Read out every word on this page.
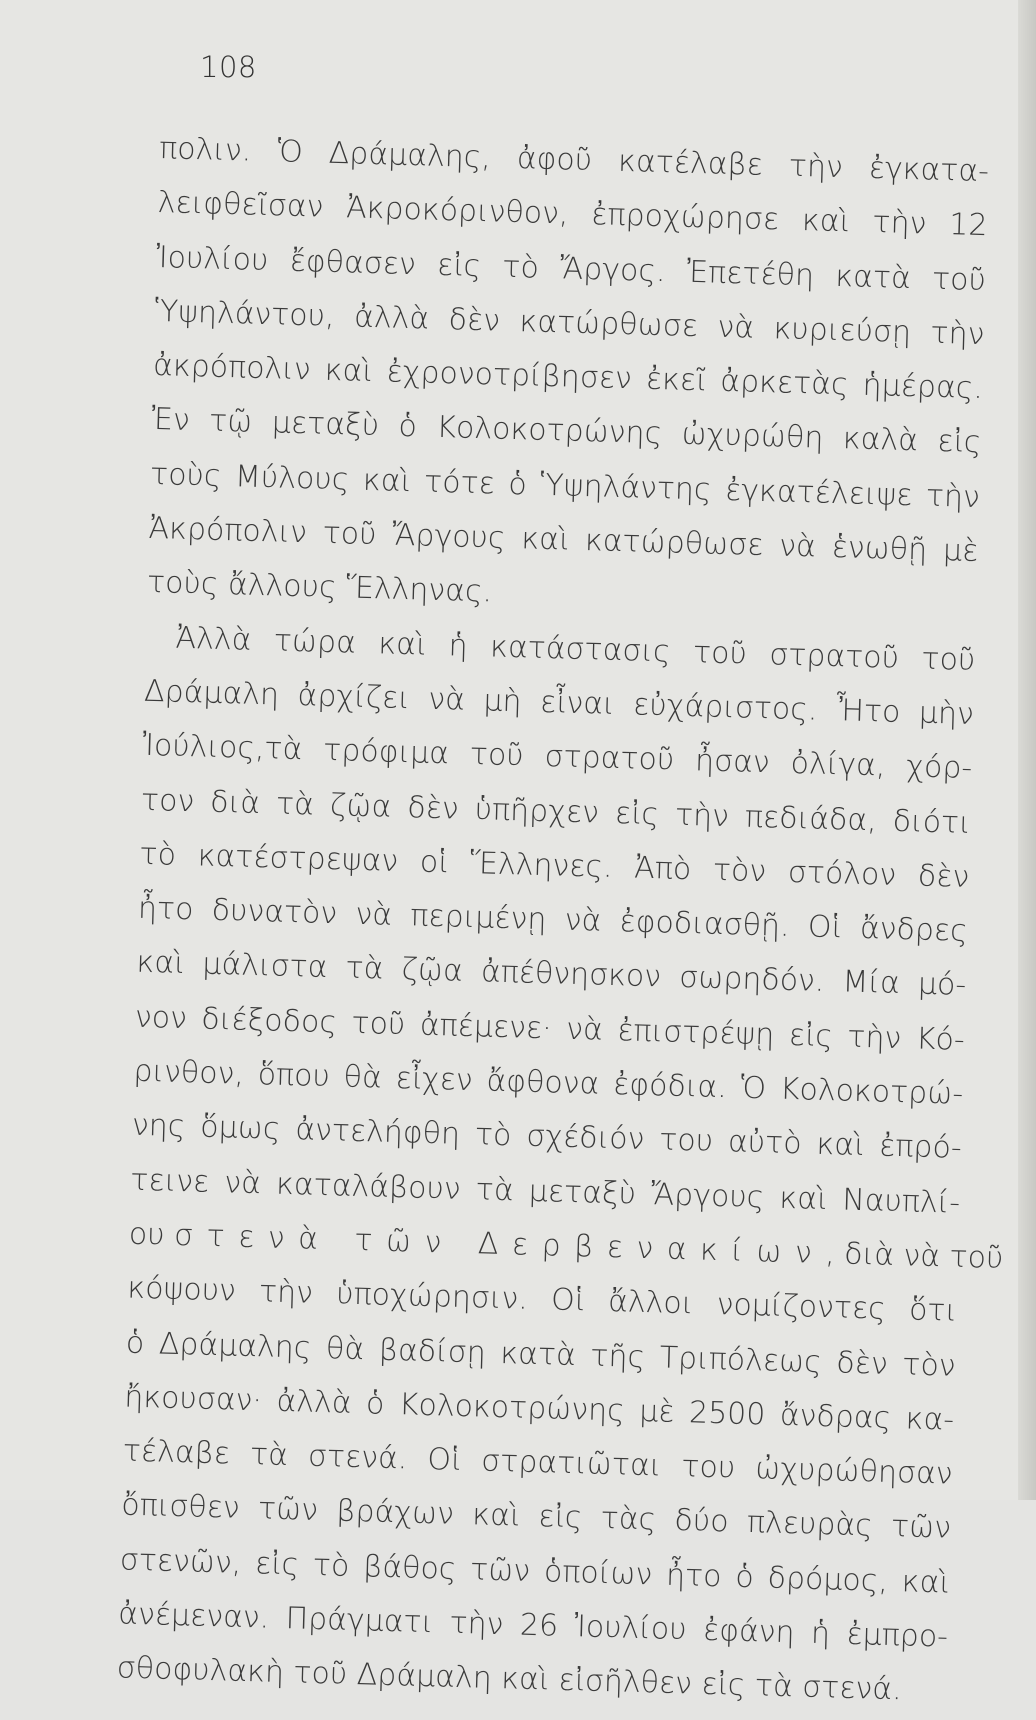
108
πολιν. Ὁ Δράμαλης, ἀφοῦ κατέλαβε τὴν ἐγκατα-
λειφθεῖσαν Ἀκροκόρινθον, ἐπροχώρησε καὶ τὴν 12
Ἰουλίου ἔφθασεν εἰς τὸ Ἄργος. Ἐπετέθη κατὰ τοῦ
Ὑψηλάντου, ἀλλὰ δὲν κατώρθωσε νὰ κυριεύσῃ τὴν
ἀκρόπολιν καὶ ἐχρονοτρίβησεν ἐκεῖ ἀρκετὰς ἡμέρας.
Ἐν τῷ μεταξὺ ὁ Κολοκοτρώνης ὠχυρώθη καλὰ εἰς
τοὺς Μύλους καὶ τότε ὁ Ὑψηλάντης ἐγκατέλειψε τὴν
Ἀκρόπολιν τοῦ Ἄργους καὶ κατώρθωσε νὰ ἑνωθῇ μὲ
τοὺς ἄλλους Ἕλληνας.
Ἀλλὰ τώρα καὶ ἡ κατάστασις τοῦ στρατοῦ τοῦ
Δράμαλη ἀρχίζει νὰ μὴ εἶναι εὐχάριστος. Ἦτο μὴν
Ἰούλιος,τὰ τρόφιμα τοῦ στρατοῦ ἦσαν ὀλίγα, χόρ-
τον διὰ τὰ ζῷα δὲν ὑπῆρχεν εἰς τὴν πεδιάδα, διότι
τὸ κατέστρεψαν οἱ Ἕλληνες. Ἀπὸ τὸν στόλον δὲν
ἦτο δυνατὸν νὰ περιμένῃ νὰ ἐφοδιασθῇ. Οἱ ἄνδρες
καὶ μάλιστα τὰ ζῷα ἀπέθνησκον σωρηδόν. Μία μό-
νον διέξοδος τοῦ ἀπέμενε· νὰ ἐπιστρέψῃ εἰς τὴν Κό-
ρινθον, ὅπου θὰ εἶχεν ἄφθονα ἐφόδια. Ὁ Κολοκοτρώ-
νης ὅμως ἀντελήφθη τὸ σχέδιόν του αὐτὸ καὶ ἐπρό-
τεινε νὰ καταλάβουν τὰ μεταξὺ Ἄργους καὶ Ναυπλί-
ου στενὰ τῶν Δερβενακίων, διὰ νὰ τοῦ
κόψουν τὴν ὑποχώρησιν. Οἱ ἄλλοι νομίζοντες ὅτι
ὁ Δράμαλης θὰ βαδίσῃ κατὰ τῆς Τριπόλεως δὲν τὸν
ἤκουσαν· ἀλλὰ ὁ Κολοκοτρώνης μὲ 2500 ἄνδρας κα-
τέλαβε τὰ στενά. Οἱ στρατιῶται του ὠχυρώθησαν
ὄπισθεν τῶν βράχων καὶ εἰς τὰς δύο πλευρὰς τῶν
στενῶν, εἰς τὸ βάθος τῶν ὁποίων ἦτο ὁ δρόμος, καὶ
ἀνέμεναν. Πράγματι τὴν 26 Ἰουλίου ἐφάνη ἡ ἐμπρο-
σθοφυλακὴ τοῦ Δράμαλη καὶ εἰσῆλθεν εἰς τὰ στενά.
